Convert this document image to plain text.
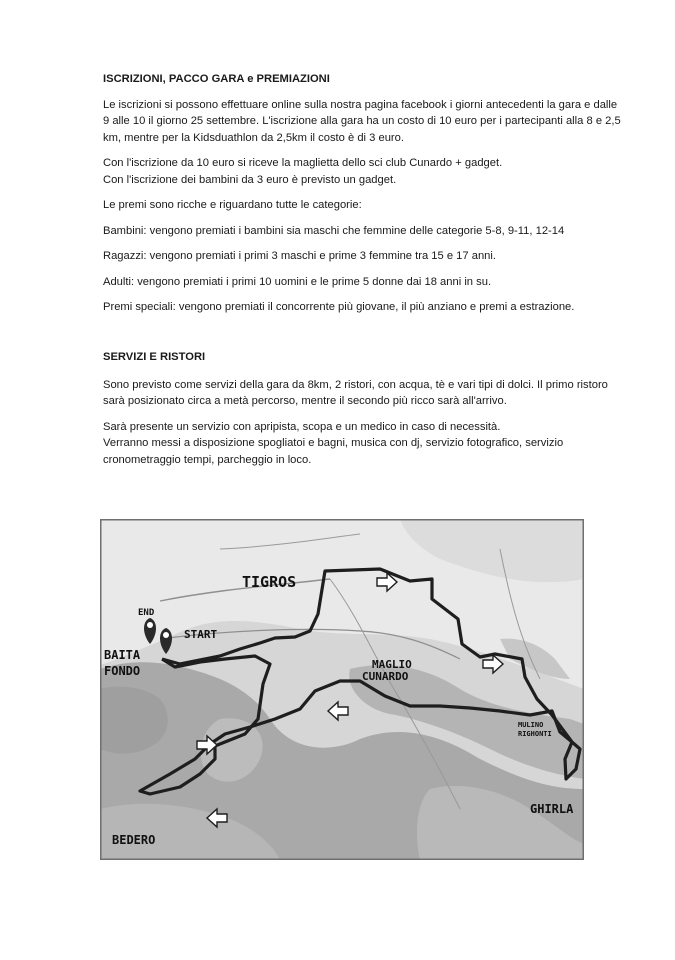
ISCRIZIONI, PACCO GARA e PREMIAZIONI

Le iscrizioni si possono effettuare online sulla nostra pagina facebook i giorni antecedenti la gara e dalle 9 alle 10 il giorno 25 settembre. L'iscrizione alla gara ha un costo di 10 euro per i partecipanti alla 8 e 2,5 km, mentre per la Kidsduathlon da 2,5km il costo è di 3 euro.

Con l'iscrizione da 10 euro si riceve la maglietta dello sci club Cunardo + gadget.

Con l'iscrizione dei bambini da 3 euro è previsto un gadget.

Le premi sono ricche e riguardano tutte le categorie:

Bambini: vengono premiati i bambini sia maschi che femmine delle categorie 5-8, 9-11, 12-14

Ragazzi: vengono premiati i primi 3 maschi e prime 3 femmine tra 15 e 17 anni.

Adulti: vengono premiati i primi 10 uomini e le prime 5 donne dai 18 anni in su.

Premi speciali: vengono premiati il concorrente più giovane, il più anziano e premi a estrazione.

SERVIZI E RISTORI

Sono previsto come servizi della gara da 8km, 2 ristori, con acqua, tè e vari tipi di dolci. Il primo ristoro sarà posizionato circa a metà percorso, mentre il secondo più ricco sarà all'arrivo.

Sarà presente un servizio con apripista, scopa e un medico in caso di necessità.

Verranno messi a disposizione spogliatoi e bagni, musica con dj, servizio fotografico, servizio cronometraggio tempi, parcheggio in loco.

TIGROS
END
START
BAITA
FONDO	MAGLIO
CUNARDO
MULINO
RIGHONTI
GHIRLA
BEDERO
